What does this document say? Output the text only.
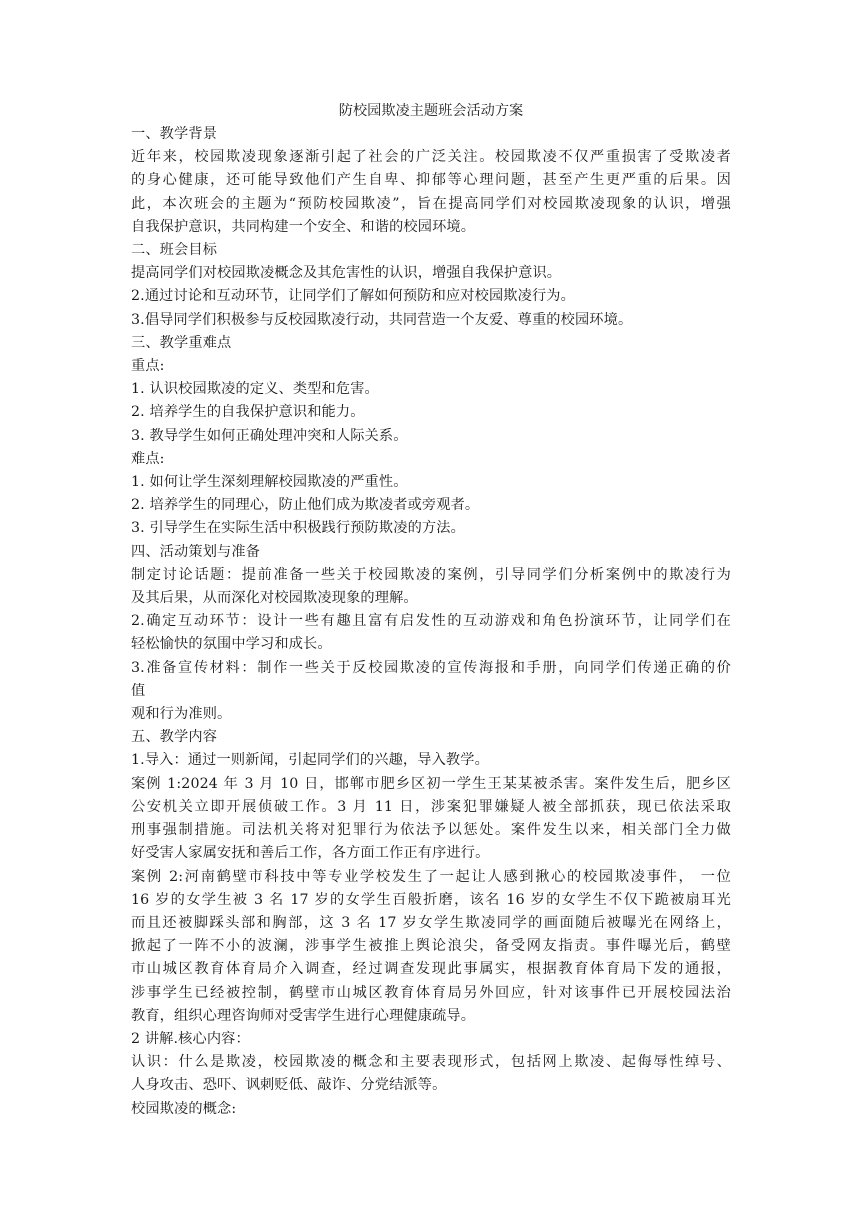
防校园欺凌主题班会活动方案

一、教学背景

近年来，校园欺凌现象逐渐引起了社会的广泛关注。校园欺凌不仅严重损害了受欺凌者

的身心健康，还可能导致他们产生自卑、抑郁等心理问题，甚至产生更严重的后果。因

此，本次班会的主题为“预防校园欺凌”，旨在提高同学们对校园欺凌现象的认识，增强

自我保护意识，共同构建一个安全、和谐的校园环境。

二、班会目标

提高同学们对校园欺凌概念及其危害性的认识，增强自我保护意识。

2.通过讨论和互动环节，让同学们了解如何预防和应对校园欺凌行为。

3.倡导同学们积极参与反校园欺凌行动，共同营造一个友爱、尊重的校园环境。

三、教学重难点

重点:

1. 认识校园欺凌的定义、类型和危害。

2. 培养学生的自我保护意识和能力。

3. 教导学生如何正确处理冲突和人际关系。

难点:

1. 如何让学生深刻理解校园欺凌的严重性。

2. 培养学生的同理心，防止他们成为欺凌者或旁观者。

3. 引导学生在实际生活中积极践行预防欺凌的方法。

四、活动策划与准备

制定讨论话题：提前准备一些关于校园欺凌的案例，引导同学们分析案例中的欺凌行为

及其后果，从而深化对校园欺凌现象的理解。

2.确定互动环节：设计一些有趣且富有启发性的互动游戏和角色扮演环节，让同学们在

轻松愉快的氛围中学习和成长。

3.准备宣传材料：制作一些关于反校园欺凌的宣传海报和手册，向同学们传递正确的价

值

观和行为准则。

五、教学内容

1.导入：通过一则新闻，引起同学们的兴趣，导入教学。

案例 1:2024 年 3 月 10 日，邯郸市肥乡区初一学生王某某被杀害。案件发生后，肥乡区

公安机关立即开展侦破工作。3 月 11 日，涉案犯罪嫌疑人被全部抓获，现已依法采取

刑事强制措施。司法机关将对犯罪行为依法予以惩处。案件发生以来，相关部门全力做

好受害人家属安抚和善后工作，各方面工作正有序进行。

案例 2:河南鹤壁市科技中等专业学校发生了一起让人感到揪心的校园欺凌事件， 一位

16 岁的女学生被 3 名 17 岁的女学生百般折磨，该名 16 岁的女学生不仅下跪被扇耳光

而且还被脚踩头部和胸部，这 3 名 17 岁女学生欺凌同学的画面随后被曝光在网络上，

掀起了一阵不小的波澜，涉事学生被推上舆论浪尖，备受网友指责。事件曝光后，鹤壁

市山城区教育体育局介入调查，经过调查发现此事属实，根据教育体育局下发的通报，

涉事学生已经被控制，鹤壁市山城区教育体育局另外回应，针对该事件已开展校园法治

教育，组织心理咨询师对受害学生进行心理健康疏导。

2 讲解.核心内容：

认识：什么是欺凌，校园欺凌的概念和主要表现形式，包括网上欺凌、起侮辱性绰号、

人身攻击、恐吓、讽刺贬低、敲诈、分党结派等。

校园欺凌的概念:
